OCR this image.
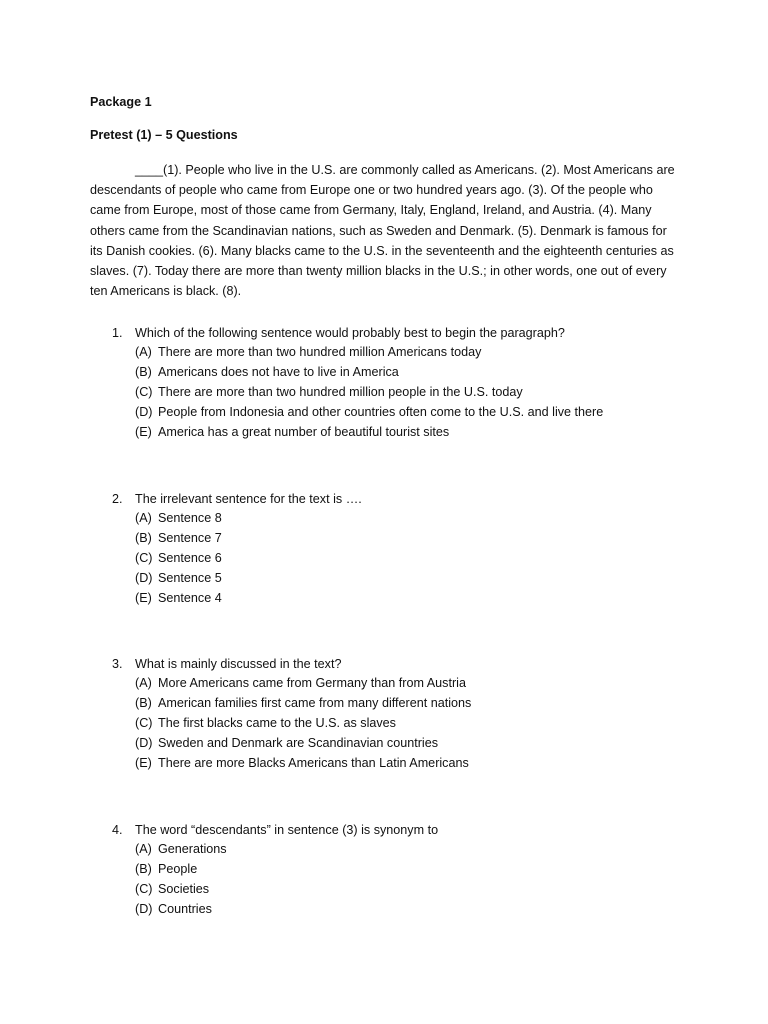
Package 1

Pretest (1) – 5 Questions

____(1). People who live in the U.S. are commonly called as Americans. (2). Most Americans are descendants of people who came from Europe one or two hundred years ago. (3). Of the people who came from Europe, most of those came from Germany, Italy, England, Ireland, and Austria. (4). Many others came from the Scandinavian nations, such as Sweden and Denmark. (5). Denmark is famous for its Danish cookies. (6). Many blacks came to the U.S. in the seventeenth and the eighteenth centuries as slaves. (7). Today there are more than twenty million blacks in the U.S.; in other words, one out of every ten Americans is black. (8).

1. Which of the following sentence would probably best to begin the paragraph?

(A) There are more than two hundred million Americans today
(B) Americans does not have to live in America
(C) There are more than two hundred million people in the U.S. today
(D) People from Indonesia and other countries often come to the U.S. and live there
(E) America has a great number of beautiful tourist sites
2. The irrelevant sentence for the text is ….

(A) Sentence 8
(B) Sentence 7
(C) Sentence 6
(D) Sentence 5
(E) Sentence 4
3. What is mainly discussed in the text?

(A) More Americans came from Germany than from Austria
(B) American families first came from many different nations
(C) The first blacks came to the U.S. as slaves
(D) Sweden and Denmark are Scandinavian countries
(E) There are more Blacks Americans than Latin Americans
4. The word “descendants” in sentence (3) is synonym to

(A) Generations
(B) People
(C) Societies
(D) Countries
